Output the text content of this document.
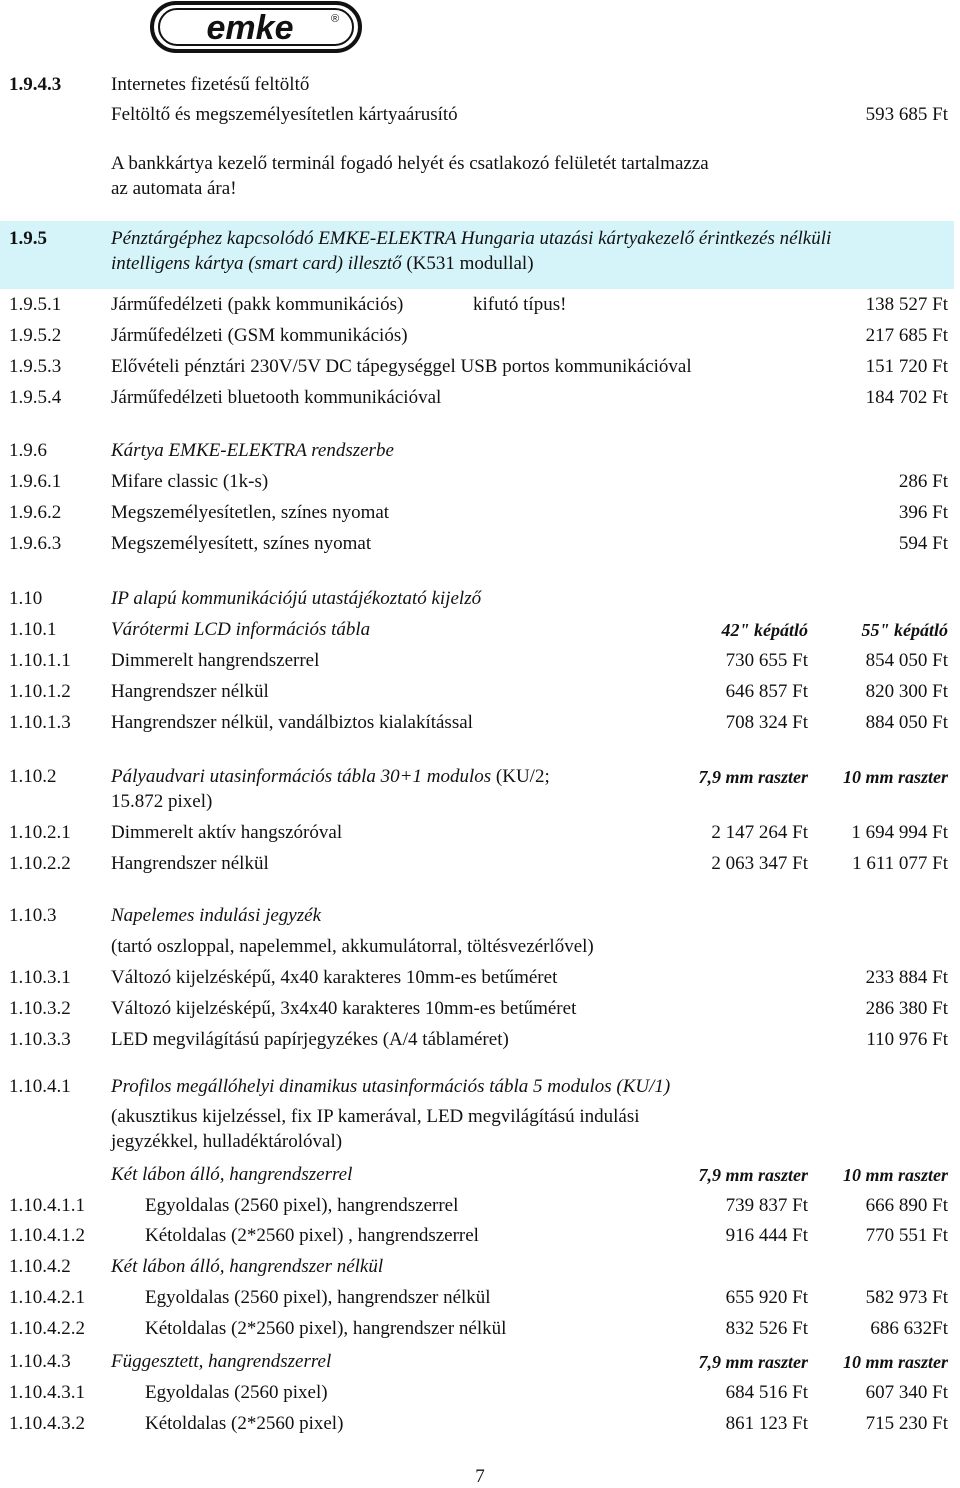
emke	®
1.9.4.3	Internetes fizetésű feltöltő
Feltöltő és megszemélyesítetlen kártyaárusító	593 685 Ft
A bankkártya kezelő terminál fogadó helyét és csatlakozó felületét tartalmazza
az automata ára!
1.9.5	Pénztárgéphez kapcsolódó EMKE-ELEKTRA Hungaria utazási kártyakezelő érintkezés nélküli
intelligens kártya (smart card) illesztő (K531 modullal)
1.9.5.1	Járműfedélzeti (pakk kommunikációs)	kifutó típus!	138 527 Ft
1.9.5.2	Járműfedélzeti (GSM kommunikációs)	217 685 Ft
1.9.5.3	Elővételi pénztári 230V/5V DC tápegységgel USB portos kommunikációval	151 720 Ft
1.9.5.4	Járműfedélzeti bluetooth kommunikációval	184 702 Ft
1.9.6	Kártya EMKE-ELEKTRA rendszerbe
1.9.6.1	Mifare classic (1k-s)	286 Ft
1.9.6.2	Megszemélyesítetlen, színes nyomat	396 Ft
1.9.6.3	Megszemélyesített, színes nyomat	594 Ft
1.10	IP alapú kommunikációjú utastájékoztató kijelző
1.10.1	Várótermi LCD információs tábla	42" képátló	55" képátló
1.10.1.1 Dimmerelt hangrendszerrel	730 655 Ft	854 050 Ft
1.10.1.2 Hangrendszer nélkül	646 857 Ft	820 300 Ft
1.10.1.3 Hangrendszer nélkül, vandálbiztos kialakítással	708 324 Ft	884 050 Ft
1.10.2	Pályaudvari utasinformációs tábla 30+1 modulos (KU/2;	7,9 mm raszter 10 mm raszter
15.872 pixel)
1.10.2.1 Dimmerelt aktív hangszóróval	2 147 264 Ft 1 694 994 Ft
1.10.2.2 Hangrendszer nélkül	2 063 347 Ft 1 611 077 Ft
1.10.3	Napelemes indulási jegyzék
(tartó oszloppal, napelemmel, akkumulátorral, töltésvezérlővel)
1.10.3.1 Változó kijelzésképű, 4x40 karakteres 10mm-es betűméret	233 884 Ft
1.10.3.2 Változó kijelzésképű, 3x4x40 karakteres 10mm-es betűméret	286 380 Ft
1.10.3.3 LED megvilágítású papírjegyzékes (A/4 táblaméret)	110 976 Ft
1.10.4.1 Profilos megállóhelyi dinamikus utasinformációs tábla 5 modulos (KU/1)
(akusztikus kijelzéssel, fix IP kamerával, LED megvilágítású indulási
jegyzékkel, hulladéktárolóval)
Két lábon álló, hangrendszerrel	7,9 mm raszter 10 mm raszter
1.10.4.1.1	Egyoldalas (2560 pixel), hangrendszerrel	739 837 Ft	666 890 Ft
1.10.4.1.2	Kétoldalas (2*2560 pixel) , hangrendszerrel	916 444 Ft	770 551 Ft
1.10.4.2 Két lábon álló, hangrendszer nélkül
1.10.4.2.1	Egyoldalas (2560 pixel), hangrendszer nélkül	655 920 Ft	582 973 Ft
1.10.4.2.2	Kétoldalas (2*2560 pixel), hangrendszer nélkül	832 526 Ft	686 632Ft
1.10.4.3 Függesztett, hangrendszerrel	7,9 mm raszter 10 mm raszter
1.10.4.3.1	Egyoldalas (2560 pixel)	684 516 Ft	607 340 Ft
1.10.4.3.2	Kétoldalas (2*2560 pixel)	861 123 Ft	715 230 Ft
7
